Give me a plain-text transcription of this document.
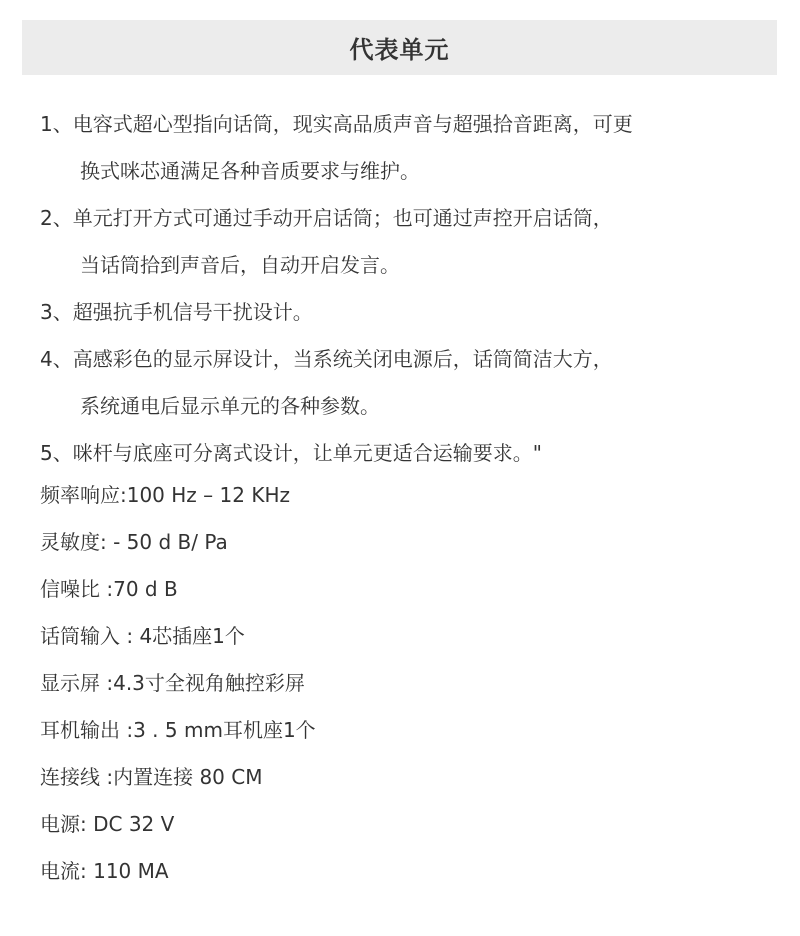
代表单元

1、电容式超心型指向话筒，现实高品质声音与超强拾音距离，可更
换式咪芯通满足各种音质要求与维护。

2、单元打开方式可通过手动开启话筒；也可通过声控开启话筒，
当话筒拾到声音后，自动开启发言。

3、超强抗手机信号干扰设计。

4、高感彩色的显示屏设计，当系统关闭电源后，话筒简洁大方，
系统通电后显示单元的各种参数。

5、咪杆与底座可分离式设计，让单元更适合运输要求。"

频率响应:100 Hz – 12 KHz
灵敏度: - 50 d B/ Pa
信噪比 :70 d B
话筒输入 : 4芯插座1个
显示屏 :4.3寸全视角触控彩屏
耳机输出 :3 . 5 mm耳机座1个
连接线 :内置连接 80 CM
电源: DC 32 V
电流: 110 MA
